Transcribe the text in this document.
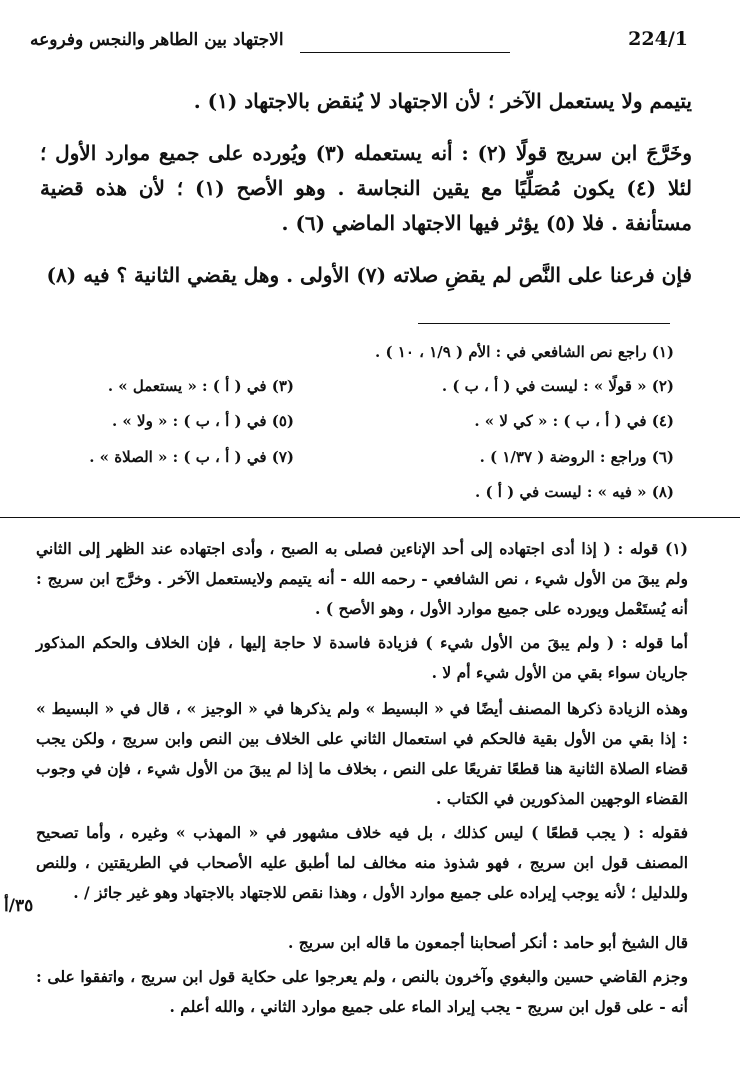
الاجتهاد بين الطاهر والنجس وفروعه	224/1

يتيمم ولا يستعمل الآخر ؛ لأن الاجتهاد لا يُنقض بالاجتهاد (١) .

وخَرَّجَ ابن سريج قولًا (٢) : أنه يستعمله (٣) ويُورده على جميع موارد الأول ؛ لئلا (٤) يكون مُصَلِّيًا مع يقين النجاسة . وهو الأصح (١) ؛ لأن هذه قضية مستأنفة . فلا (٥) يؤثر فيها الاجتهاد الماضي (٦) .

فإن فرعنا على النَّص لم يقضِ صلاته (٧) الأولى . وهل يقضي الثانية ؟ فيه (٨)

(١) راجع نص الشافعي في : الأم ( ١/٩ ، ١٠ ) .
(٢) « قولًا » : ليست في ( أ ، ب ) .
(٣) في ( أ ) : « يستعمل » .
(٤) في ( أ ، ب ) : « كي لا » .
(٥) في ( أ ، ب ) : « ولا » .
(٦) وراجع : الروضة ( ١/٣٧ ) .
(٧) في ( أ ، ب ) : « الصلاة » .
(٨) « فيه » : ليست في ( أ ) .

(١) قوله : ( إذا أدى اجتهاده إلى أحد الإناءين فصلى به الصبح ، وأدى اجتهاده عند الظهر إلى الثاني ولم يبقَ من الأول شيء ، نص الشافعي - رحمه الله - أنه يتيمم ولايستعمل الآخر . وخرَّج ابن سريج : أنه يُستَعْمل ويورده على جميع موارد الأول ، وهو الأصح ) .

أما قوله : ( ولم يبقَ من الأول شيء ) فزيادة فاسدة لا حاجة إليها ، فإن الخلاف والحكم المذكور جاريان سواء بقي من الأول شيء أم لا .

وهذه الزيادة ذكرها المصنف أيضًا في « البسيط » ولم يذكرها في « الوجيز » ، قال في « البسيط » : إذا بقي من الأول بقية فالحكم في استعمال الثاني على الخلاف بين النص وابن سريج ، ولكن يجب قضاء الصلاة الثانية هنا قطعًا تفريعًا على النص ، بخلاف ما إذا لم يبقَ من الأول شيء ، فإن في وجوب القضاء الوجهين المذكورين في الكتاب .

فقوله : ( يجب قطعًا ) ليس كذلك ، بل فيه خلاف مشهور في « المهذب » وغيره ، وأما تصحيح المصنف قول ابن سريج ، فهو شذوذ منه مخالف لما أطبق عليه الأصحاب في الطريقتين ، وللنص وللدليل ؛ لأنه يوجب إيراده على جميع موارد الأول ، وهذا نقص للاجتهاد بالاجتهاد وهو غير جائز / .

قال الشيخ أبو حامد : أنكر أصحابنا أجمعون ما قاله ابن سريج .

وجزم القاضي حسين والبغوي وآخرون بالنص ، ولم يعرجوا على حكاية قول ابن سريج ، واتفقوا على : أنه - على قول ابن سريج - يجب إيراد الماء على جميع موارد الثاني ، والله أعلم .

٣٥/أ
